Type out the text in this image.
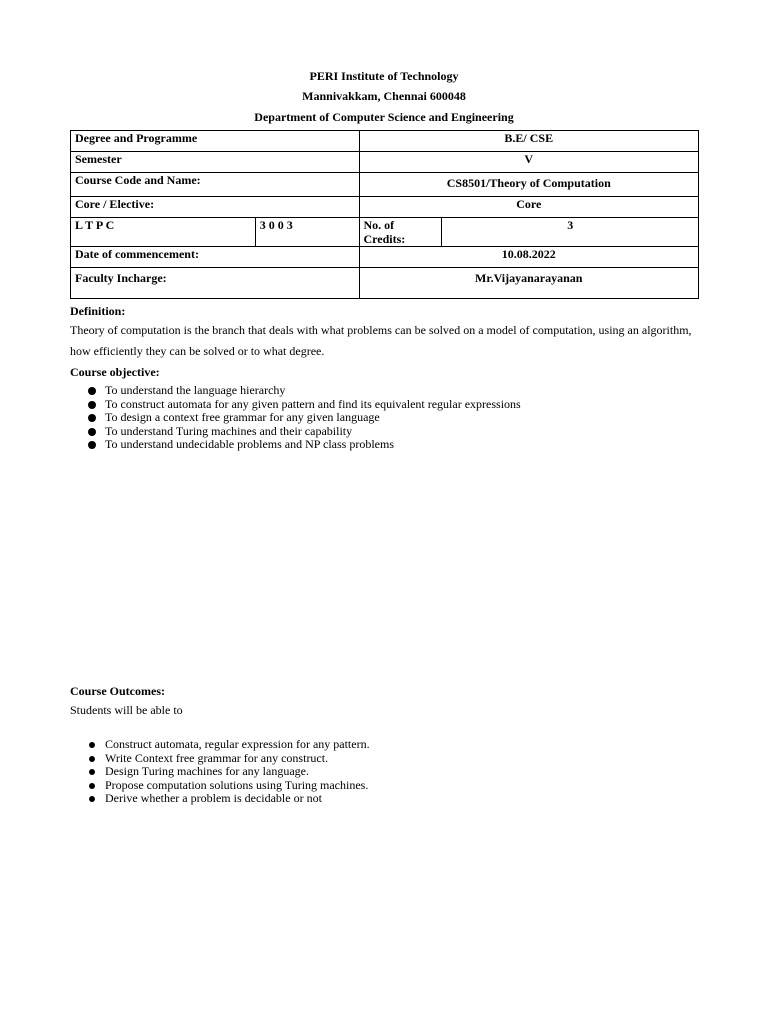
PERI Institute of Technology
Mannivakkam, Chennai 600048
Department of Computer Science and Engineering
Degree and Programme		B.E/ CSE	
Semester		V	
Course Code and Name:		CS8501/Theory of Computation	
Core / Elective:		Core	
L T P C	3 0 0 3	No. of Credits:	3
Date of commencement:		10.08.2022	
Faculty Incharge:		Mr.Vijayanarayanan	
Definition:
Theory of computation is the branch that deals with what problems can be solved on a model of computation, using an algorithm, how efficiently they can be solved or to what degree.
Course objective:
To understand the language hierarchy
To construct automata for any given pattern and find its equivalent regular expressions
To design a context free grammar for any given language
To understand Turing machines and their capability
To understand undecidable problems and NP class problems
Course Outcomes:
Students will be able to
Construct automata, regular expression for any pattern.
Write Context free grammar for any construct.
Design Turing machines for any language.
Propose computation solutions using Turing machines.
Derive whether a problem is decidable or not
